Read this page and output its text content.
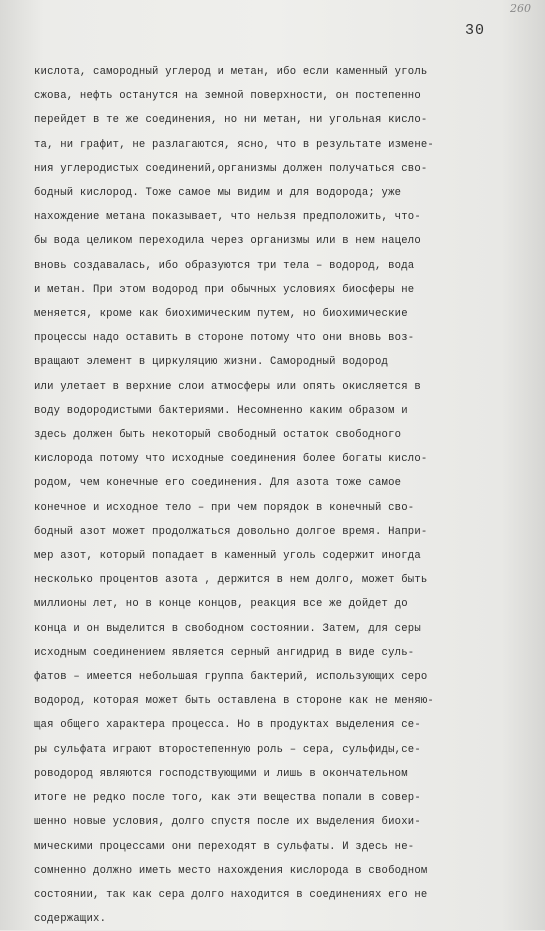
260
30
кислота, самородный углерод и метан, ибо если каменный уголь
сжова, нефть останутся на земной поверхности, он постепенно
перейдет в те же соединения, но ни метан, ни угольная кисло-
та, ни графит, не разлагаются, ясно, что в результате измене-
ния углеродистых соединений,организмы должен получаться сво-
бодный кислород. Тоже самое мы видим и для водорода; уже
нахождение метана показывает, что нельзя предположить, что-
бы вода целиком переходила через организмы или в нем нацело
вновь создавалась, ибо образуются три тела – водород, вода
и метан. При этом водород при обычных условиях биосферы не
меняется, кроме как биохимическим путем, но биохимические
процессы надо оставить в стороне потому что они вновь воз-
вращают элемент в циркуляцию жизни. Самородный водород
или улетает в верхние слои атмосферы или опять окисляется в
воду водородистыми бактериями. Несомненно каким образом и
здесь должен быть некоторый свободный остаток свободного
кислорода потому что исходные соединения более богаты кисло-
родом, чем конечные его соединения. Для азота тоже самое
конечное и исходное тело – при чем порядок в конечный сво-
бодный азот может продолжаться довольно долгое время. Напри-
мер азот, который попадает в каменный уголь содержит иногда
несколько процентов азота , держится в нем долго, может быть
миллионы лет, но в конце концов, реакция все же дойдет до
конца и он выделится в свободном состоянии. Затем, для серы
исходным соединением является серный ангидрид в виде суль-
фатов – имеется небольшая группа бактерий, использующих серо
водород, которая может быть оставлена в стороне как не меняю-
щая общего характера процесса. Но в продуктах выделения се-
ры сульфата играют второстепенную роль – сера, сульфиды,се-
роводород являются господствующими и лишь в окончательном
итоге не редко после того, как эти вещества попали в совер-
шенно новые условия, долго спустя после их выделения биохи-
мическими процессами они переходят в сульфаты. И здесь не-
сомненно должно иметь место нахождения кислорода в свободном
состоянии, так как сера долго находится в соединениях его не
содержащих.
